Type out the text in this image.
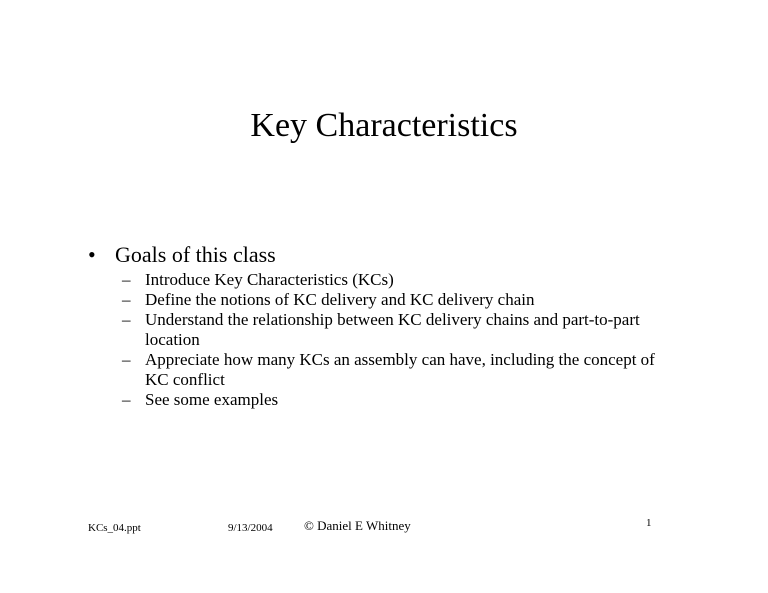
Key Characteristics
• Goals of this class
– Introduce Key Characteristics (KCs)
– Define the notions of KC delivery and KC delivery chain
– Understand the relationship between KC delivery chains and part-to-part location
– Appreciate how many KCs an assembly can have, including the concept of KC conflict
– See some examples
KCs_04.ppt	9/13/2004 © Daniel E Whitney	1
